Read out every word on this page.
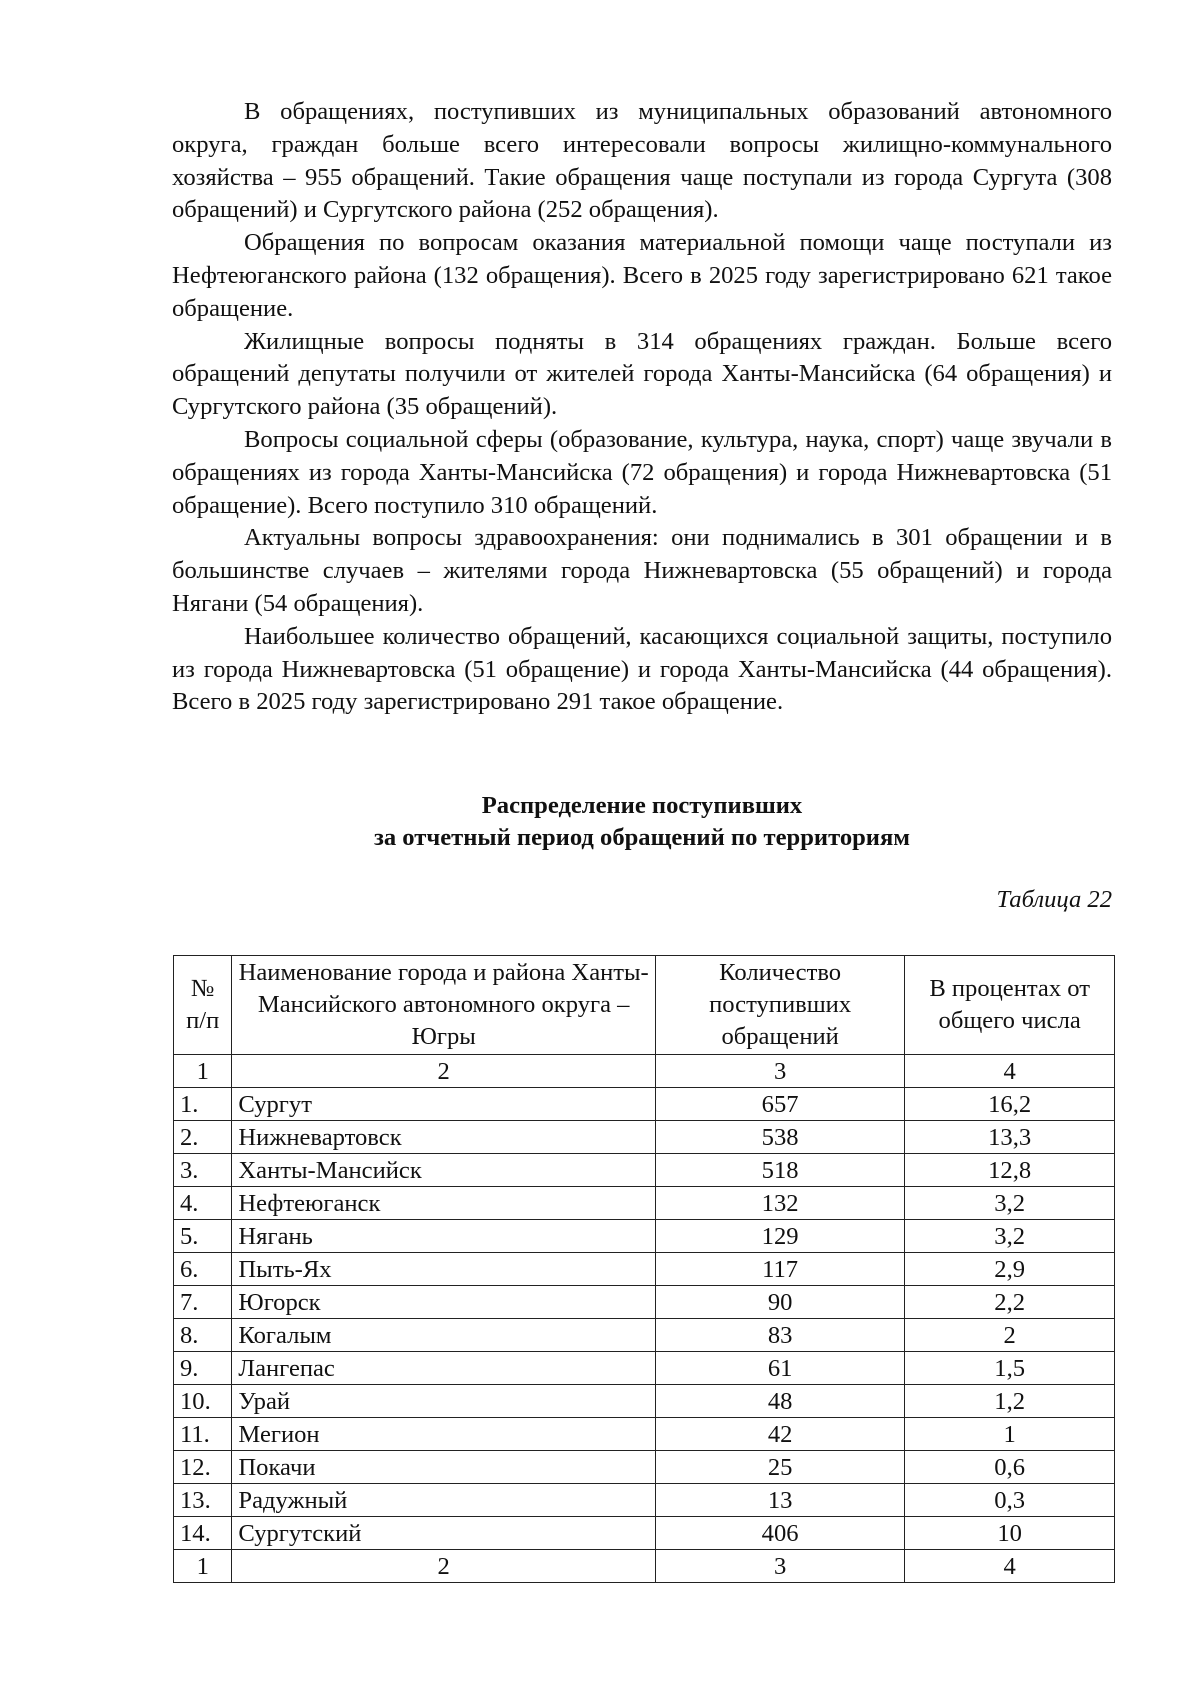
В обращениях, поступивших из муниципальных образований автономного округа, граждан больше всего интересовали вопросы жилищно-коммунального хозяйства – 955 обращений. Такие обращения чаще поступали из города Сургута (308 обращений) и Сургутского района (252 обращения).

Обращения по вопросам оказания материальной помощи чаще поступали из Нефтеюганского района (132 обращения). Всего в 2025 году зарегистрировано 621 такое обращение.

Жилищные вопросы подняты в 314 обращениях граждан. Больше всего обращений депутаты получили от жителей города Ханты-Мансийска (64 обращения) и Сургутского района (35 обращений).

Вопросы социальной сферы (образование, культура, наука, спорт) чаще звучали в обращениях из города Ханты-Мансийска (72 обращения) и города Нижневартовска (51 обращение). Всего поступило 310 обращений.

Актуальны вопросы здравоохранения: они поднимались в 301 обращении и в большинстве случаев – жителями города Нижневартовска (55 обращений) и города Нягани (54 обращения).

Наибольшее количество обращений, касающихся социальной защиты, поступило из города Нижневартовска (51 обращение) и города Ханты-Мансийска (44 обращения). Всего в 2025 году зарегистрировано 291 такое обращение.

Распределение поступивших
за отчетный период обращений по территориям
Таблица 22
№ п/п	Наименование города и района Ханты-Мансийского автономного округа – Югры	Количество поступивших обращений	В процентах от общего числа
1	2	3	4
1.	Сургут	657	16,2
2.	Нижневартовск	538	13,3
3.	Ханты-Мансийск	518	12,8
4.	Нефтеюганск	132	3,2
5.	Нягань	129	3,2
6.	Пыть-Ях	117	2,9
7.	Югорск	90	2,2
8.	Когалым	83	2
9.	Лангепас	61	1,5
10.	Урай	48	1,2
11.	Мегион	42	1
12.	Покачи	25	0,6
13.	Радужный	13	0,3
14.	Сургутский	406	10
1	2	3	4
